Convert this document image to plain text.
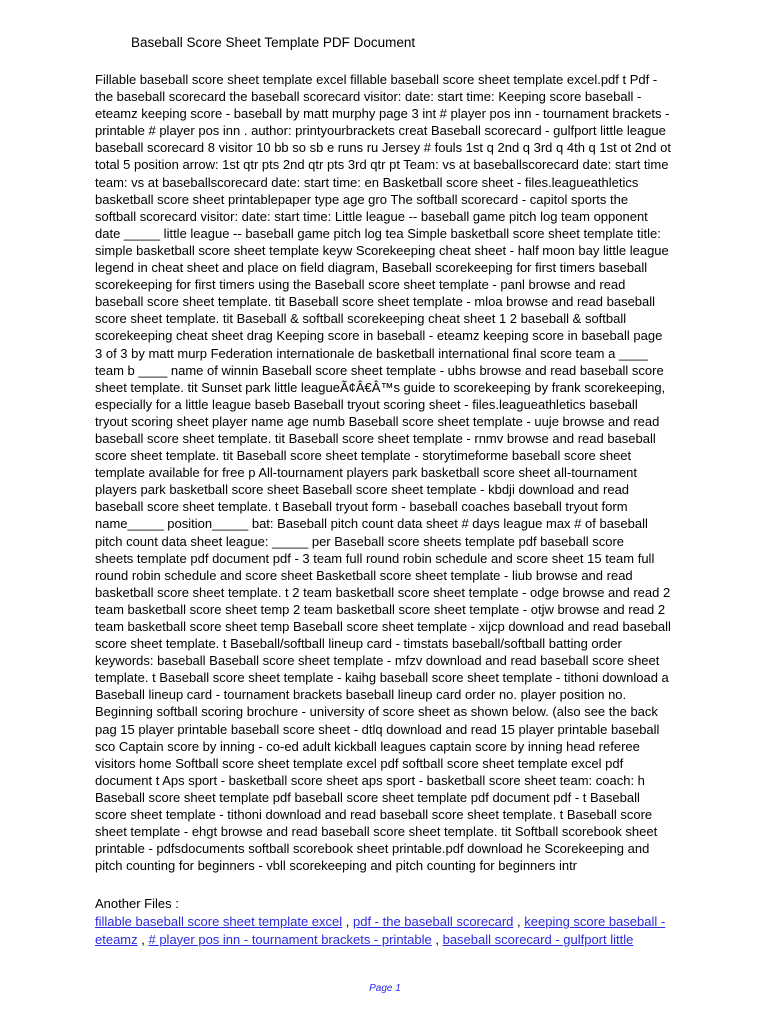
Baseball Score Sheet Template PDF Document
Fillable baseball score sheet template excel fillable baseball score sheet template excel.pdf t Pdf -
the baseball scorecard the baseball scorecard visitor: date: start time: Keeping score baseball -
eteamz keeping score - baseball by matt murphy page 3 int # player pos inn - tournament brackets -
printable # player pos inn . author: printyourbrackets creat Baseball scorecard - gulfport little league
baseball scorecard 8 visitor 10 bb so sb e runs ru Jersey # fouls 1st q 2nd q 3rd q 4th q 1st ot 2nd ot
total 5 position arrow: 1st qtr pts 2nd qtr pts 3rd qtr pt Team: vs at baseballscorecard date: start time
team: vs at baseballscorecard date: start time: en Basketball score sheet - files.leagueathletics
basketball score sheet printablepaper type age gro The softball scorecard - capitol sports the
softball scorecard visitor: date: start time: Little league -- baseball game pitch log team opponent
date _____ little league -- baseball game pitch log tea Simple basketball score sheet template title:
simple basketball score sheet template keyw Scorekeeping cheat sheet - half moon bay little league
legend in cheat sheet and place on field diagram, Baseball scorekeeping for first timers baseball
scorekeeping for first timers using the Baseball score sheet template - panl browse and read
baseball score sheet template. tit Baseball score sheet template - mloa browse and read baseball
score sheet template. tit Baseball & softball scorekeeping cheat sheet 1 2 baseball & softball
scorekeeping cheat sheet drag Keeping score in baseball - eteamz keeping score in baseball page
3 of 3 by matt murp Federation internationale de basketball international final score team a ____
team b ____ name of winnin Baseball score sheet template - ubhs browse and read baseball score
sheet template. tit Sunset park little leagueÃ¢Â€Â™s guide to scorekeeping by frank scorekeeping,
especially for a little league baseb Baseball tryout scoring sheet - files.leagueathletics baseball
tryout scoring sheet player name age numb Baseball score sheet template - uuje browse and read
baseball score sheet template. tit Baseball score sheet template - rnmv browse and read baseball
score sheet template. tit Baseball score sheet template - storytimeforme baseball score sheet
template available for free p All-tournament players park basketball score sheet all-tournament
players park basketball score sheet Baseball score sheet template - kbdji download and read
baseball score sheet template. t Baseball tryout form - baseball coaches baseball tryout form
name_____ position_____ bat: Baseball pitch count data sheet # days league max # of baseball
pitch count data sheet league: _____ per Baseball score sheets template pdf baseball score
sheets template pdf document pdf - 3 team full round robin schedule and score sheet 15 team full
round robin schedule and score sheet Basketball score sheet template - liub browse and read
basketball score sheet template. t 2 team basketball score sheet template - odge browse and read 2
team basketball score sheet temp 2 team basketball score sheet template - otjw browse and read 2
team basketball score sheet temp Baseball score sheet template - xijcp download and read baseball
score sheet template. t Baseball/softball lineup card - timstats baseball/softball batting order
keywords: baseball Baseball score sheet template - mfzv download and read baseball score sheet
template. t Baseball score sheet template - kaihg baseball score sheet template - tithoni download a
Baseball lineup card - tournament brackets baseball lineup card order no. player position no.
Beginning softball scoring brochure - university of score sheet as shown below. (also see the back
pag 15 player printable baseball score sheet - dtlq download and read 15 player printable baseball
sco Captain score by inning - co-ed adult kickball leagues captain score by inning head referee
visitors home Softball score sheet template excel pdf softball score sheet template excel pdf
document t Aps sport - basketball score sheet aps sport - basketball score sheet team: coach: h
Baseball score sheet template pdf baseball score sheet template pdf document pdf - t Baseball
score sheet template - tithoni download and read baseball score sheet template. t Baseball score
sheet template - ehgt browse and read baseball score sheet template. tit Softball scorebook sheet
printable - pdfsdocuments softball scorebook sheet printable.pdf download he Scorekeeping and
pitch counting for beginners - vbll scorekeeping and pitch counting for beginners intr
Another Files :
fillable baseball score sheet template excel , pdf - the baseball scorecard , keeping score baseball -
eteamz , # player pos inn - tournament brackets - printable , baseball scorecard - gulfport little
Page 1
